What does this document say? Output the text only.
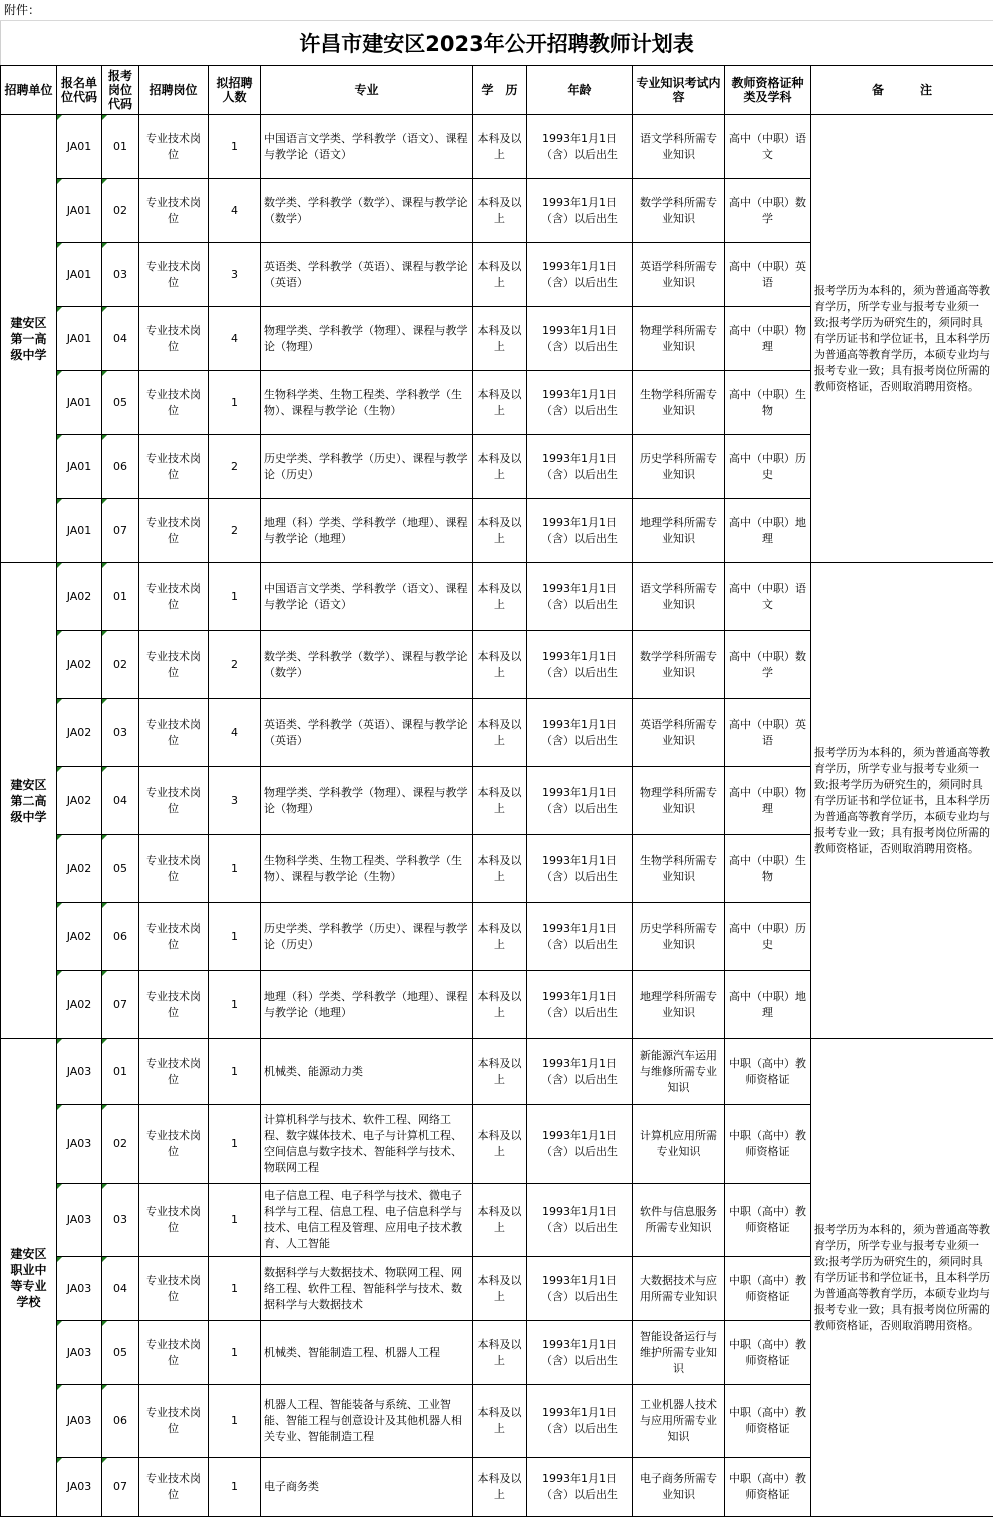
附件：
许昌市建安区2023年公开招聘教师计划表
招聘单位	报名单位代码	报考岗位代码	招聘岗位	拟招聘人数	专业	学　历	年龄	专业知识考试内容	教师资格证种类及学科	备　　　注
建安区第一高级中学	JA01	01	专业技术岗位	1	中国语言文学类、学科教学（语文）、课程与教学论（语文）	本科及以上	1993年1月1日（含）以后出生	语文学科所需专业知识	高中（中职）语文	报考学历为本科的，须为普通高等教育学历，所学专业与报考专业须一致;报考学历为研究生的，须同时具有学历证书和学位证书，且本科学历为普通高等教育学历，本硕专业均与报考专业一致；具有报考岗位所需的教师资格证，否则取消聘用资格。

JA01	02	专业技术岗位	4	数学类、学科教学（数学）、课程与教学论（数学）	本科及以上	1993年1月1日（含）以后出生	数学学科所需专业知识	高中（中职）数学	

JA01	03	专业技术岗位	3	英语类、学科教学（英语）、课程与教学论（英语）	本科及以上	1993年1月1日（含）以后出生	英语学科所需专业知识	高中（中职）英语	

JA01	04	专业技术岗位	4	物理学类、学科教学（物理）、课程与教学论（物理）	本科及以上	1993年1月1日（含）以后出生	物理学科所需专业知识	高中（中职）物理	

JA01	05	专业技术岗位	1	生物科学类、生物工程类、学科教学（生物）、课程与教学论（生物）	本科及以上	1993年1月1日（含）以后出生	生物学科所需专业知识	高中（中职）生物	

JA01	06	专业技术岗位	2	历史学类、学科教学（历史）、课程与教学论（历史）	本科及以上	1993年1月1日（含）以后出生	历史学科所需专业知识	高中（中职）历史	

JA01	07	专业技术岗位	2	地理（科）学类、学科教学（地理）、课程与教学论（地理）	本科及以上	1993年1月1日（含）以后出生	地理学科所需专业知识	高中（中职）地理	
建安区第二高级中学	JA02	01	专业技术岗位	1	中国语言文学类、学科教学（语文）、课程与教学论（语文）	本科及以上	1993年1月1日（含）以后出生	语文学科所需专业知识	高中（中职）语文	报考学历为本科的，须为普通高等教育学历，所学专业与报考专业须一致;报考学历为研究生的，须同时具有学历证书和学位证书，且本科学历为普通高等教育学历，本硕专业均与报考专业一致；具有报考岗位所需的教师资格证，否则取消聘用资格。

JA02	02	专业技术岗位	2	数学类、学科教学（数学）、课程与教学论（数学）	本科及以上	1993年1月1日（含）以后出生	数学学科所需专业知识	高中（中职）数学	

JA02	03	专业技术岗位	4	英语类、学科教学（英语）、课程与教学论（英语）	本科及以上	1993年1月1日（含）以后出生	英语学科所需专业知识	高中（中职）英语	

JA02	04	专业技术岗位	3	物理学类、学科教学（物理）、课程与教学论（物理）	本科及以上	1993年1月1日（含）以后出生	物理学科所需专业知识	高中（中职）物理	

JA02	05	专业技术岗位	1	生物科学类、生物工程类、学科教学（生物）、课程与教学论（生物）	本科及以上	1993年1月1日（含）以后出生	生物学科所需专业知识	高中（中职）生物	

JA02	06	专业技术岗位	1	历史学类、学科教学（历史）、课程与教学论（历史）	本科及以上	1993年1月1日（含）以后出生	历史学科所需专业知识	高中（中职）历史	

JA02	07	专业技术岗位	1	地理（科）学类、学科教学（地理）、课程与教学论（地理）	本科及以上	1993年1月1日（含）以后出生	地理学科所需专业知识	高中（中职）地理	
建安区职业中等专业学校	JA03	01	专业技术岗位	1	机械类、能源动力类	本科及以上	1993年1月1日（含）以后出生	新能源汽车运用与维修所需专业知识	中职（高中）教师资格证	报考学历为本科的，须为普通高等教育学历，所学专业与报考专业须一致;报考学历为研究生的，须同时具有学历证书和学位证书，且本科学历为普通高等教育学历，本硕专业均与报考专业一致；具有报考岗位所需的教师资格证，否则取消聘用资格。

JA03	02	专业技术岗位	1	计算机科学与技术、软件工程、网络工程、数字媒体技术、电子与计算机工程、空间信息与数字技术、智能科学与技术、物联网工程	本科及以上	1993年1月1日（含）以后出生	计算机应用所需专业知识	中职（高中）教师资格证	

JA03	03	专业技术岗位	1	电子信息工程、电子科学与技术、微电子科学与工程、信息工程、电子信息科学与技术、电信工程及管理、应用电子技术教育、人工智能	本科及以上	1993年1月1日（含）以后出生	软件与信息服务所需专业知识	中职（高中）教师资格证	

JA03	04	专业技术岗位	1	数据科学与大数据技术、物联网工程、网络工程、软件工程、智能科学与技术、数据科学与大数据技术	本科及以上	1993年1月1日（含）以后出生	大数据技术与应用所需专业知识	中职（高中）教师资格证	

JA03	05	专业技术岗位	1	机械类、智能制造工程、机器人工程	本科及以上	1993年1月1日（含）以后出生	智能设备运行与维护所需专业知识	中职（高中）教师资格证	

JA03	06	专业技术岗位	1	机器人工程、智能装备与系统、工业智能、智能工程与创意设计及其他机器人相关专业、智能制造工程	本科及以上	1993年1月1日（含）以后出生	工业机器人技术与应用所需专业知识	中职（高中）教师资格证	

JA03	07	专业技术岗位	1	电子商务类	本科及以上	1993年1月1日（含）以后出生	电子商务所需专业知识	中职（高中）教师资格证	
